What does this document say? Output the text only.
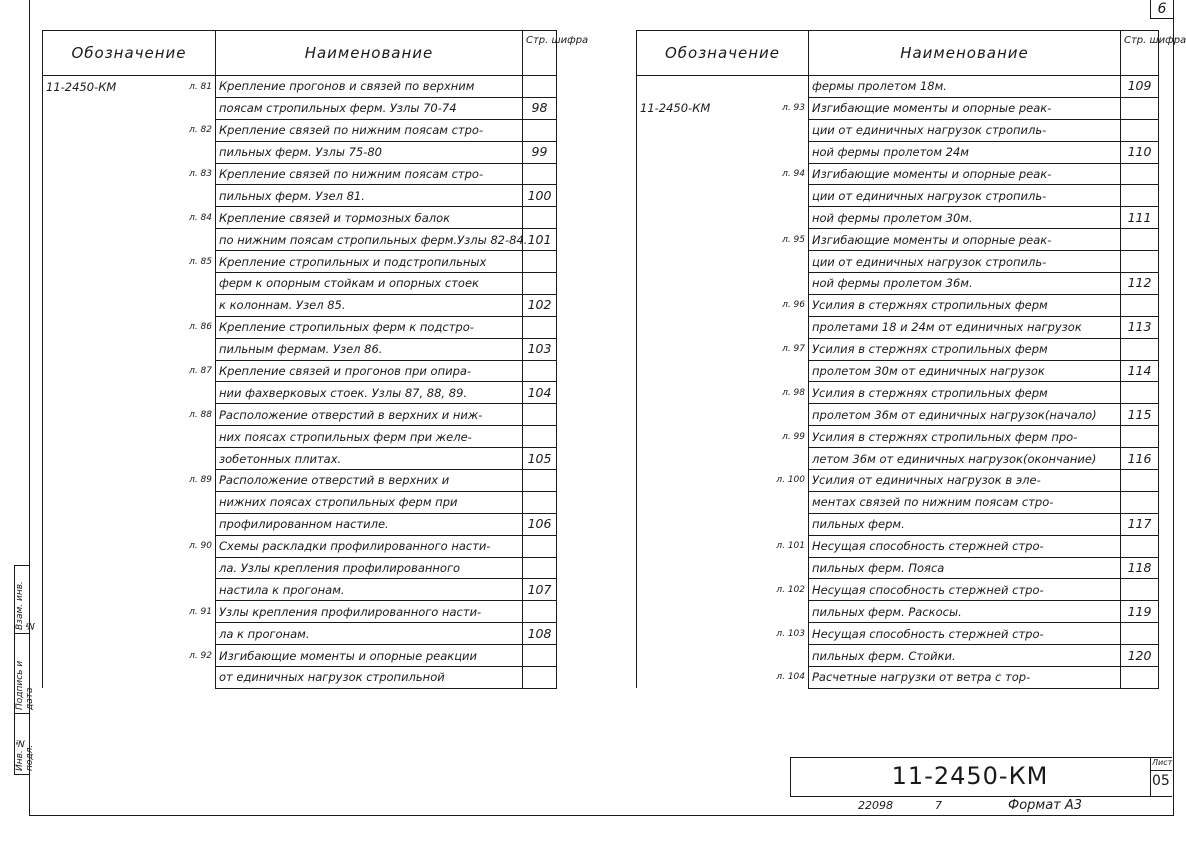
6
Взам. инв. №
Подпись и дата
Инв. № подл.
Обозначение	Наименование	Стр. шифра

11-2450-КМ л. 81	Крепление прогонов и связей по верхним	

	поясам стропильных ферм. Узлы 70-74	98

л. 82	Крепление связей по нижним поясам стро-	

	пильных ферм. Узлы 75-80	99

л. 83	Крепление связей по нижним поясам стро-	

	пильных ферм. Узел 81.	100

л. 84	Крепление связей и тормозных балок	

	по нижним поясам стропильных ферм.Узлы 82-84.	101

л. 85	Крепление стропильных и подстропильных	

	ферм к опорным стойкам и опорных стоек	

	к колоннам. Узел 85.	102

л. 86	Крепление стропильных ферм к подстро-	

	пильным фермам. Узел 86.	103

л. 87	Крепление связей и прогонов при опира-	

	нии фахверковых стоек. Узлы 87, 88, 89.	104

л. 88	Расположение отверстий в верхних и ниж-	

	них поясах стропильных ферм при желе-	

	зобетонных плитах.	105

л. 89	Расположение отверстий в верхних и	

	нижних поясах стропильных ферм при	

	профилированном настиле.	106

л. 90	Схемы раскладки профилированного насти-	

	ла. Узлы крепления профилированного	

	настила к прогонам.	107

л. 91	Узлы крепления профилированного насти-	

	ла к прогонам.	108

л. 92	Изгибающие моменты и опорные реакции	

	от единичных нагрузок стропильной	
Обозначение	Наименование	Стр. шифра

	фермы пролетом 18м.	109

11-2450-КМ л. 93	Изгибающие моменты и опорные реак-	

	ции от единичных нагрузок стропиль-	

	ной фермы пролетом 24м	110

л. 94	Изгибающие моменты и опорные реак-	

	ции от единичных нагрузок стропиль-	

	ной фермы пролетом 30м.	111

л. 95	Изгибающие моменты и опорные реак-	

	ции от единичных нагрузок стропиль-	

	ной фермы пролетом 36м.	112

л. 96	Усилия в стержнях стропильных ферм	

	пролетами 18 и 24м от единичных нагрузок	113

л. 97	Усилия в стержнях стропильных ферм	

	пролетом 30м от единичных нагрузок	114

л. 98	Усилия в стержнях стропильных ферм	

	пролетом 36м от единичных нагрузок(начало)	115

л. 99	Усилия в стержнях стропильных ферм про-	

	летом 36м от единичных нагрузок(окончание)	116

л. 100	Усилия от единичных нагрузок в эле-	

	ментах связей по нижним поясам стро-	

	пильных ферм.	117

л. 101	Несущая способность стержней стро-	

	пильных ферм. Пояса	118

л. 102	Несущая способность стержней стро-	

	пильных ферм. Раскосы.	119

л. 103	Несущая способность стержней стро-	

	пильных ферм. Стойки.	120

л. 104	Расчетные нагрузки от ветра с тор-	
11-2450-КМ	Лист
05
22098	7	Формат А3
